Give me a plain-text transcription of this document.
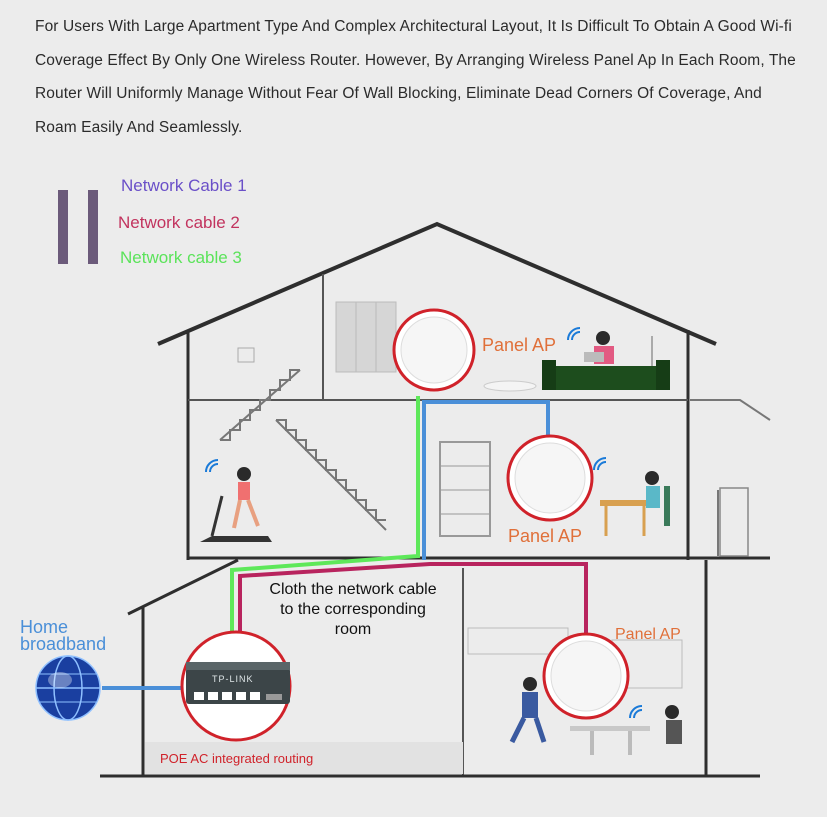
For Users With Large Apartment Type And Complex Architectural Layout, It Is Difficult To Obtain A Good Wi-fi Coverage Effect By Only One Wireless Router. However, By Arranging Wireless Panel Ap In Each Room, The Router Will Uniformly Manage Without Fear Of Wall Blocking, Eliminate Dead Corners Of Coverage, And Roam Easily And Seamlessly.
Network Cable 1
Network cable 2
Network cable 3
Panel AP
Panel AP
Panel AP
Home
broadband
Cloth the network cable
to the corresponding
room
POE AC integrated routing
TP-LINK
